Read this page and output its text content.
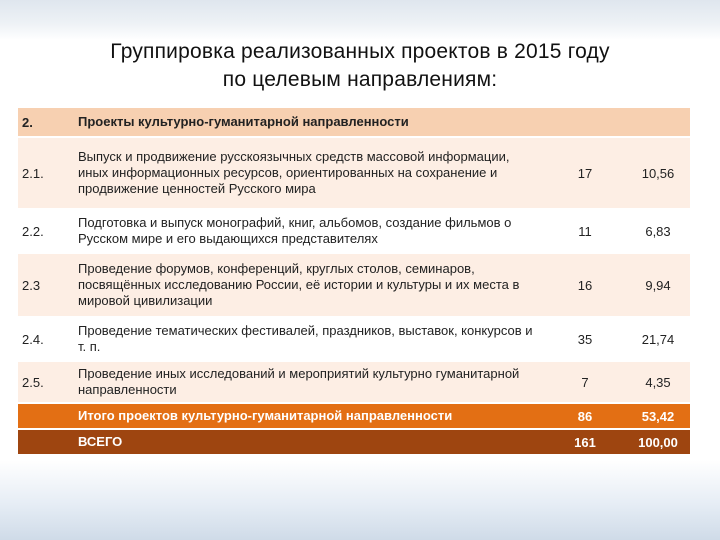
Группировка реализованных проектов в 2015 году
по целевым направлениям:
2.	Проекты культурно-гуманитарной направленности		
2.1.	Выпуск и продвижение русскоязычных средств массовой информации, иных информационных ресурсов, ориентированных на сохранение и продвижение ценностей Русского мира	17	10,56
2.2.	Подготовка и выпуск монографий, книг, альбомов, создание фильмов о Русском мире и его выдающихся представителях	11	6,83
2.3	Проведение форумов, конференций, круглых столов, семинаров, посвящённых исследованию России, её истории и культуры и их места в мировой цивилизации	16	9,94
2.4.	Проведение тематических фестивалей, праздников, выставок, конкурсов и т. п.	35	21,74
2.5.	Проведение иных исследований и мероприятий культурно гуманитарной направленности	7	4,35
	Итого проектов культурно-гуманитарной направленности	86	53,42
	ВСЕГО	161	100,00
